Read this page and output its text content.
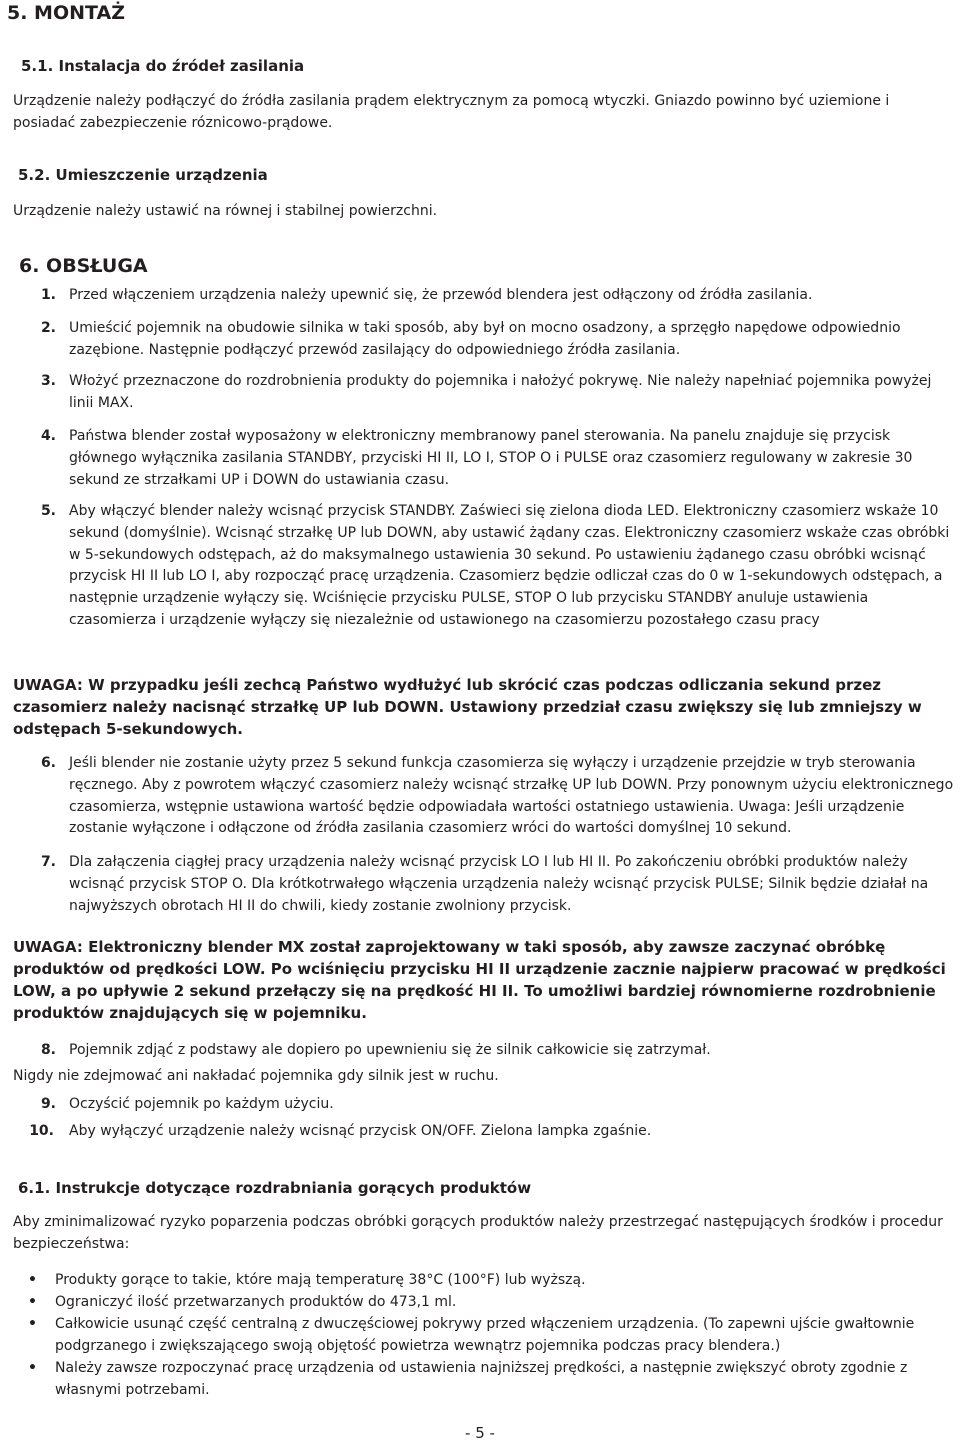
5. MONTAŻ
5.1. Instalacja do źródeł zasilania
Urządzenie należy podłączyć do źródła zasilania prądem elektrycznym za pomocą wtyczki. Gniazdo powinno być uziemione i posiadać zabezpieczenie róznicowo-prądowe.
5.2. Umieszczenie urządzenia
Urządzenie należy ustawić na równej i stabilnej powierzchni.
6. OBSŁUGA
1. Przed włączeniem urządzenia należy upewnić się, że przewód blendera jest odłączony od źródła zasilania.
2. Umieścić pojemnik na obudowie silnika w taki sposób, aby był on mocno osadzony, a sprzęgło napędowe odpowiednio zazębione. Następnie podłączyć przewód zasilający do odpowiedniego źródła zasilania.
3. Włożyć przeznaczone do rozdrobnienia produkty do pojemnika i nałożyć pokrywę. Nie należy napełniać pojemnika powyżej linii MAX.
4. Państwa blender został wyposażony w elektroniczny membranowy panel sterowania. Na panelu znajduje się przycisk głównego wyłącznika zasilania STANDBY, przyciski HI II, LO I, STOP O i PULSE oraz czasomierz regulowany w zakresie 30 sekund ze strzałkami UP i DOWN do ustawiania czasu.
5. Aby włączyć blender należy wcisnąć przycisk STANDBY. Zaświeci się zielona dioda LED. Elektroniczny czasomierz wskaże 10 sekund (domyślnie). Wcisnąć strzałkę UP lub DOWN, aby ustawić żądany czas. Elektroniczny czasomierz wskaże czas obróbki w 5-sekundowych odstępach, aż do maksymalnego ustawienia 30 sekund. Po ustawieniu żądanego czasu obróbki wcisnąć przycisk HI II lub LO I, aby rozpocząć pracę urządzenia. Czasomierz będzie odliczał czas do 0 w 1-sekundowych odstępach, a następnie urządzenie wyłączy się. Wciśnięcie przycisku PULSE, STOP O lub przycisku STANDBY anuluje ustawienia czasomierza i urządzenie wyłączy się niezależnie od ustawionego na czasomierzu pozostałego czasu pracy
UWAGA: W przypadku jeśli zechcą Państwo wydłużyć lub skrócić czas podczas odliczania sekund przez czasomierz należy nacisnąć strzałkę UP lub DOWN. Ustawiony przedział czasu zwiększy się lub zmniejszy w odstępach 5-sekundowych.
6. Jeśli blender nie zostanie użyty przez 5 sekund funkcja czasomierza się wyłączy i urządzenie przejdzie w tryb sterowania ręcznego. Aby z powrotem włączyć czasomierz należy wcisnąć strzałkę UP lub DOWN. Przy ponownym użyciu elektronicznego czasomierza, wstępnie ustawiona wartość będzie odpowiadała wartości ostatniego ustawienia. Uwaga: Jeśli urządzenie zostanie wyłączone i odłączone od źródła zasilania czasomierz wróci do wartości domyślnej 10 sekund.
7. Dla załączenia ciągłej pracy urządzenia należy wcisnąć przycisk LO I lub HI II. Po zakończeniu obróbki produktów należy wcisnąć przycisk STOP O. Dla krótkotrwałego włączenia urządzenia należy wcisnąć przycisk PULSE; Silnik będzie działał na najwyższych obrotach HI II do chwili, kiedy zostanie zwolniony przycisk.
UWAGA: Elektroniczny blender MX został zaprojektowany w taki sposób, aby zawsze zaczynać obróbkę produktów od prędkości LOW. Po wciśnięciu przycisku HI II urządzenie zacznie najpierw pracować w prędkości LOW, a po upływie 2 sekund przełączy się na prędkość HI II. To umożliwi bardziej równomierne rozdrobnienie produktów znajdujących się w pojemniku.
8. Pojemnik zdjąć z podstawy ale dopiero po upewnieniu się że silnik całkowicie się zatrzymał.
Nigdy nie zdejmować ani nakładać pojemnika gdy silnik jest w ruchu.
9. Oczyścić pojemnik po każdym użyciu.
10. Aby wyłączyć urządzenie należy wcisnąć przycisk ON/OFF. Zielona lampka zgaśnie.
6.1. Instrukcje dotyczące rozdrabniania gorących produktów
Aby zminimalizować ryzyko poparzenia podczas obróbki gorących produktów należy przestrzegać następujących środków i procedur bezpieczeństwa:
• Produkty gorące to takie, które mają temperaturę 38°C (100°F) lub wyższą.
• Ograniczyć ilość przetwarzanych produktów do 473,1 ml.
• Całkowicie usunąć część centralną z dwuczęściowej pokrywy przed włączeniem urządzenia. (To zapewni ujście gwałtownie podgrzanego i zwiększającego swoją objętość powietrza wewnątrz pojemnika podczas pracy blendera.)
• Należy zawsze rozpoczynać pracę urządzenia od ustawienia najniższej prędkości, a następnie zwiększyć obroty zgodnie z własnymi potrzebami.
- 5 -
